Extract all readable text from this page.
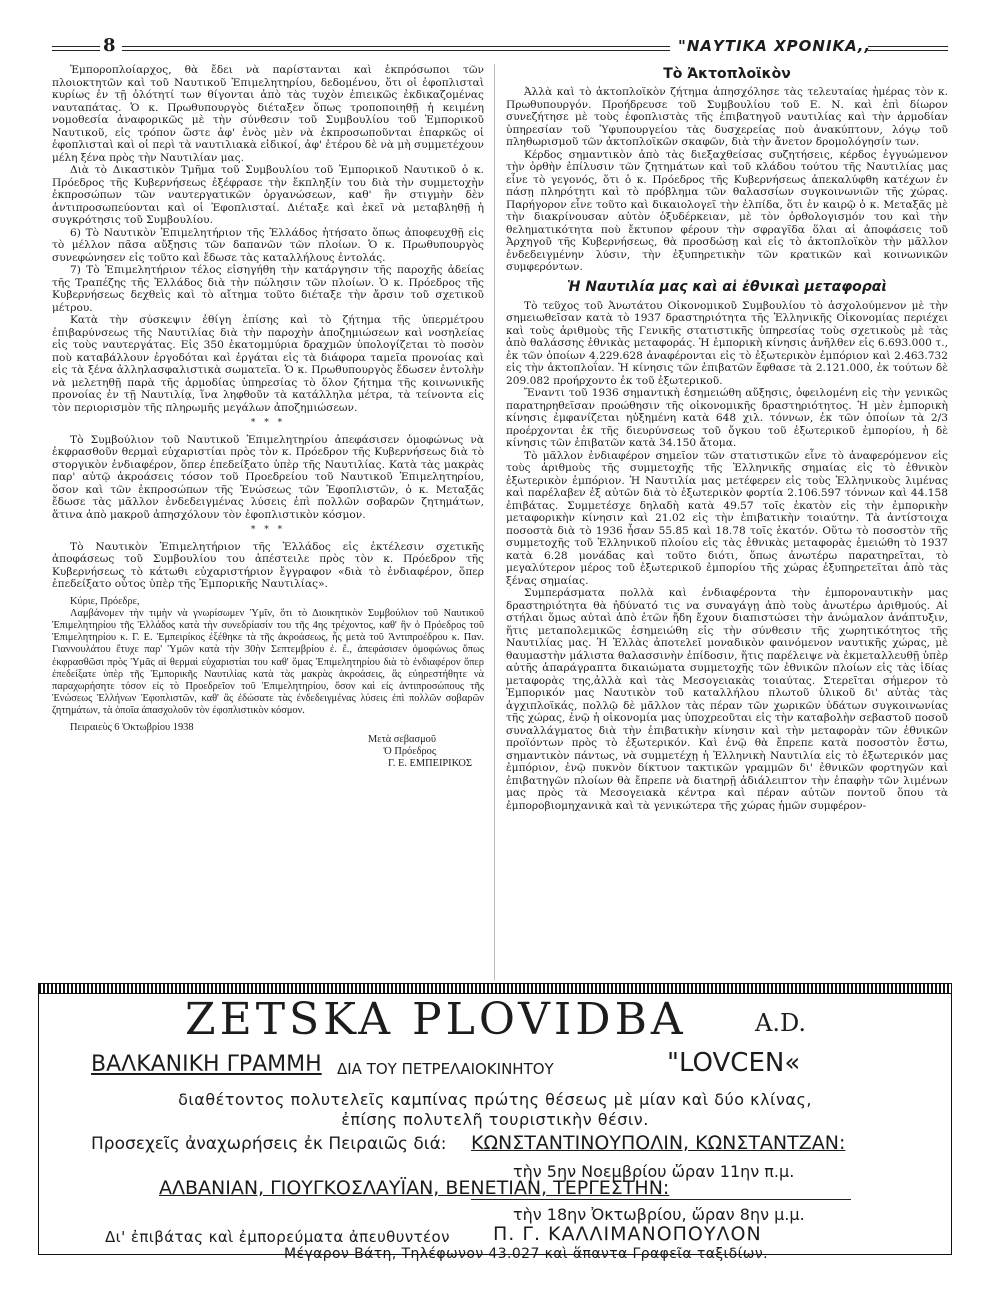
8	"ΝΑΥΤΙΚΑ ΧΡΟΝΙΚΑ,,

Ἐμποροπλοίαρχος, θὰ ἔδει νὰ παρίστανται καὶ ἐκπρόσωποι τῶν πλοιοκτητῶν καὶ τοῦ Ναυτικοῦ Ἐπιμελητηρίου, δεδομένου, ὅτι οἱ ἐφοπλισταὶ κυρίως ἐν τῇ ὁλότητί των θίγονται ἀπὸ τὰς τυχὸν ἐπιεικῶς ἐκδικαζομένας ναυταπάτας. Ὁ κ. Πρωθυπουργὸς διέταξεν ὅπως τροποποιηθῇ ἡ κειμένη νομοθεσία ἀναφορικῶς μὲ τὴν σύνθεσιν τοῦ Συμβουλίου τοῦ Ἐμπορικοῦ Ναυτικοῦ, εἰς τρόπον ὥστε ἀφ' ἑνὸς μὲν νὰ ἐκπροσωποῦνται ἐπαρκῶς οἱ ἐφοπλισταὶ καὶ οἱ περὶ τὰ ναυτιλιακὰ εἰδικοί, ἀφ' ἑτέρου δὲ νὰ μὴ συμμετέχουν μέλη ξένα πρὸς τὴν Ναυτιλίαν μας.

Διὰ τὸ Δικαστικὸν Τμῆμα τοῦ Συμβουλίου τοῦ Ἐμπορικοῦ Ναυτικοῦ ὁ κ. Πρόεδρος τῆς Κυβερνήσεως ἐξέφρασε τὴν ἔκπληξίν του διὰ τὴν συμμετοχὴν ἐκπροσώπων τῶν ναυτεργατικῶν ὀργανώσεων, καθ' ἣν στιγμὴν δὲν ἀντιπροσωπεύονται καὶ οἱ Ἐφοπλισταί. Διέταξε καὶ ἐκεῖ νὰ μεταβληθῇ ἡ συγκρότησις τοῦ Συμβουλίου.

6) Τὸ Ναυτικὸν Ἐπιμελητήριον τῆς Ἑλλάδος ἠτήσατο ὅπως ἀποφευχθῇ εἰς τὸ μέλλον πᾶσα αὔξησις τῶν δαπανῶν τῶν πλοίων. Ὁ κ. Πρωθυπουργὸς συνεφώνησεν εἰς τοῦτο καὶ ἔδωσε τὰς καταλλήλους ἐντολάς.

7) Τὸ Ἐπιμελητήριον τέλος εἰσηγήθη τὴν κατάργησιν τῆς παροχῆς ἀδείας τῆς Τραπέζης τῆς Ἑλλάδος διὰ τὴν πώλησιν τῶν πλοίων. Ὁ κ. Πρόεδρος τῆς Κυβερνήσεως δεχθεὶς καὶ τὸ αἴτημα τοῦτο διέταξε τὴν ἄρσιν τοῦ σχετικοῦ μέτρου.

Κατὰ τὴν σύσκεψιν ἐθίγη ἐπίσης καὶ τὸ ζήτημα τῆς ὑπερμέτρου ἐπιβαρύνσεως τῆς Ναυτιλίας διὰ τὴν παροχὴν ἀποζημιώσεων καὶ νοσηλείας εἰς τοὺς ναυτεργάτας. Εἰς 350 ἑκατομμύρια δραχμῶν ὑπολογίζεται τὸ ποσὸν ποὺ καταβάλλουν ἐργοδόται καὶ ἐργάται εἰς τὰ διάφορα ταμεῖα προνοίας καὶ εἰς τὰ ξένα ἀλληλασφαλιστικὰ σωματεῖα. Ὁ κ. Πρωθυπουργὸς ἔδωσεν ἐντολὴν νὰ μελετηθῇ παρὰ τῆς ἁρμοδίας ὑπηρεσίας τὸ ὅλον ζήτημα τῆς κοινωνικῆς προνοίας ἐν τῇ Ναυτιλίᾳ, ἵνα ληφθοῦν τὰ κατάλληλα μέτρα, τὰ τείνοντα εἰς τὸν περιορισμὸν τῆς πληρωμῆς μεγάλων ἀποζημιώσεων.

* * *

Τὸ Συμβούλιον τοῦ Ναυτικοῦ Ἐπιμελητηρίου ἀπεφάσισεν ὁμοφώνως νὰ ἐκφρασθοῦν θερμαὶ εὐχαριστίαι πρὸς τὸν κ. Πρόεδρον τῆς Κυβερνήσεως διὰ τὸ στοργικὸν ἐνδιαφέρον, ὅπερ ἐπεδείξατο ὑπὲρ τῆς Ναυτιλίας. Κατὰ τὰς μακρὰς παρ' αὐτῷ ἀκροάσεις τόσον τοῦ Προεδρείου τοῦ Ναυτικοῦ Ἐπιμελητηρίου, ὅσον καὶ τῶν ἐκπροσώπων τῆς Ἑνώσεως τῶν Ἐφοπλιστῶν, ὁ κ. Μεταξᾶς ἔδωσε τὰς μᾶλλον ἐνδεδειγμένας λύσεις ἐπὶ πολλῶν σοβαρῶν ζητημάτων, ἅτινα ἀπὸ μακροῦ ἀπησχόλουν τὸν ἐφοπλιστικὸν κόσμον.

* * *

Τὸ Ναυτικὸν Ἐπιμελητήριον τῆς Ἑλλάδος εἰς ἐκτέλεσιν σχετικῆς ἀποφάσεως τοῦ Συμβουλίου του ἀπέστειλε πρὸς τὸν κ. Πρόεδρον τῆς Κυβερνήσεως τὸ κάτωθι εὐχαριστήριον ἔγγραφον «διὰ τὸ ἐνδιαφέρον, ὅπερ ἐπεδείξατο οὗτος ὑπὲρ τῆς Ἐμπορικῆς Ναυτιλίας».

Κύριε, Πρόεδρε,

Λαμβάνομεν τὴν τιμὴν νὰ γνωρίσωμεν Ὑμῖν, ὅτι τὸ Διοικητικὸν Συμβούλιον τοῦ Ναυτικοῦ Ἐπιμελητηρίου τῆς Ἑλλάδος κατὰ τὴν συνεδρίασίν του τῆς 4ης τρέχοντος, καθ' ἣν ὁ Πρόεδρος τοῦ Ἐπιμελητηρίου κ. Γ. Ε. Ἐμπειρίκος ἐξέθηκε τὰ τῆς ἀκροάσεως, ἧς μετὰ τοῦ Ἀντιπροέδρου κ. Παν. Γιαννουλάτου ἔτυχε παρ' Ὑμῶν κατὰ τὴν 30ὴν Σεπτεμβρίου ἐ. ἔ., ἀπεφάσισεν ὁμοφώνως ὅπως ἐκφρασθῶσι πρὸς Ὑμᾶς αἱ θερμαὶ εὐχαριστίαι του καθ' ὅμας Ἐπιμελητηρίου διὰ τὸ ἐνδιαφέρον ὅπερ ἐπεδείξατε ὑπὲρ τῆς Ἐμπορικῆς Ναυτιλίας κατὰ τὰς μακρὰς ἀκροάσεις, ἃς εὐηρεστήθητε νὰ παραχωρήσητε τόσον εἰς τὸ Προεδρεῖον τοῦ Ἐπιμελητηρίου, ὅσον καὶ εἰς ἀντιπροσώπους τῆς Ἑνώσεως Ἑλλήνων Ἐφοπλιστῶν, καθ' ἃς ἐδώσατε τὰς ἐνδεδειγμένας λύσεις ἐπὶ πολλῶν σοβαρῶν ζητημάτων, τὰ ὁποῖα ἀπασχολοῦν τὸν ἐφοπλιστικὸν κόσμον.

Πειραιεὺς 6 Ὀκτωβρίου 1938

Μετὰ σεβασμοῦ

Ὁ Πρόεδρος

Γ. Ε. ΕΜΠΕΙΡΙΚΟΣ

Τὸ Ἀκτοπλοϊκὸν

Ἀλλὰ καὶ τὸ ἀκτοπλοϊκὸν ζήτημα ἀπησχόλησε τὰς τελευταίας ἡμέρας τὸν κ. Πρωθυπουργόν. Προήδρευσε τοῦ Συμβουλίου τοῦ Ε. Ν. καὶ ἐπὶ δίωρον συνεζήτησε μὲ τοὺς ἐφοπλιστὰς τῆς ἐπιβατηγοῦ ναυτιλίας καὶ τὴν ἁρμοδίαν ὑπηρεσίαν τοῦ Ὑφυπουργείου τὰς δυσχερείας ποὺ ἀνακύπτουν, λόγῳ τοῦ πληθωρισμοῦ τῶν ἀκτοπλοϊκῶν σκαφῶν, διὰ τὴν ἄνετον δρομολόγησίν των.

Κέρδος σημαντικὸν ἀπὸ τὰς διεξαχθείσας συζητήσεις, κέρδος ἐγγυώμενον τὴν ὀρθὴν ἐπίλυσιν τῶν ζητημάτων καὶ τοῦ κλάδου τούτου τῆς Ναυτιλίας μας εἶνε τὸ γεγονός, ὅτι ὁ κ. Πρόεδρος τῆς Κυβερνήσεως ἀπεκαλύφθη κατέχων ἐν πάσῃ πληρότητι καὶ τὸ πρόβλημα τῶν θαλασσίων συγκοινωνιῶν τῆς χώρας. Παρήγορον εἶνε τοῦτο καὶ δικαιολογεῖ τὴν ἐλπίδα, ὅτι ἐν καιρῷ ὁ κ. Μεταξᾶς μὲ τὴν διακρίνουσαν αὐτὸν ὀξυδέρκειαν, μὲ τὸν ὀρθολογισμόν του καὶ τὴν θεληματικότητα ποὺ ἔκτυπον φέρουν τὴν σφραγῖδα ὅλαι αἱ ἀποφάσεις τοῦ Ἀρχηγοῦ τῆς Κυβερνήσεως, θὰ προσδώσῃ καὶ εἰς τὸ ἀκτοπλοϊκὸν τὴν μᾶλλον ἐνδεδειγμένην λύσιν, τὴν ἐξυπηρετικὴν τῶν κρατικῶν καὶ κοινωνικῶν συμφερόντων.

Ἡ Ναυτιλία μας καὶ αἱ ἐθνικαὶ μεταφοραὶ

Τὸ τεῦχος τοῦ Ἀνωτάτου Οἰκονομικοῦ Συμβουλίου τὸ ἀσχολούμενον μὲ τὴν σημειωθεῖσαν κατὰ τὸ 1937 δραστηριότητα τῆς Ἑλληνικῆς Οἰκονομίας περιέχει καὶ τοὺς ἀριθμοὺς τῆς Γενικῆς στατιστικῆς ὑπηρεσίας τοὺς σχετικοὺς μὲ τὰς ἀπὸ θαλάσσης ἐθνικὰς μεταφοράς. Ἡ ἐμπορικὴ κίνησις ἀνῆλθεν εἰς 6.693.000 τ., ἐκ τῶν ὁποίων 4.229.628 ἀναφέρονται εἰς τὸ ἐξωτερικὸν ἐμπόριον καὶ 2.463.732 εἰς τὴν ἀκτοπλοΐαν. Ἡ κίνησις τῶν ἐπιβατῶν ἔφθασε τὰ 2.121.000, ἐκ τούτων δὲ 209.082 προήρχοντο ἐκ τοῦ ἐξωτερικοῦ.

Ἔναντι τοῦ 1936 σημαντικὴ ἐσημειώθη αὔξησις, ὀφειλομένη εἰς τὴν γενικῶς παρατηρηθεῖσαν προώθησιν τῆς οἰκονομικῆς δραστηριότητος. Ἡ μὲν ἐμπορικὴ κίνησις ἐμφανίζεται ηὐξημένη κατὰ 648 χιλ. τόννων, ἐκ τῶν ὁποίων τὰ 2/3 προέρχονται ἐκ τῆς διευρύνσεως τοῦ ὄγκου τοῦ ἐξωτερικοῦ ἐμπορίου, ἡ δὲ κίνησις τῶν ἐπιβατῶν κατὰ 34.150 ἄτομα.

Τὸ μᾶλλον ἐνδιαφέρον σημεῖον τῶν στατιστικῶν εἶνε τὸ ἀναφερόμενον εἰς τοὺς ἀριθμοὺς τῆς συμμετοχῆς τῆς Ἑλληνικῆς σημαίας εἰς τὸ ἐθνικὸν ἐξωτερικὸν ἐμπόριον. Ἡ Ναυτιλία μας μετέφερεν εἰς τοὺς Ἑλληνικοὺς λιμένας καὶ παρέλαβεν ἐξ αὐτῶν διὰ τὸ ἐξωτερικὸν φορτία 2.106.597 τόννων καὶ 44.158 ἐπιβάτας. Συμμετέσχε δηλαδὴ κατὰ 49.57 τοῖς ἑκατὸν εἰς τὴν ἐμπορικὴν μεταφορικὴν κίνησιν καὶ 21.02 εἰς τὴν ἐπιβατικὴν τοιαύτην. Τὰ ἀντίστοιχα ποσοστὰ διὰ τὸ 1936 ἦσαν 55.85 καὶ 18.78 τοῖς ἑκατόν. Οὕτω τὸ ποσοστὸν τῆς συμμετοχῆς τοῦ Ἑλληνικοῦ πλοίου εἰς τὰς ἐθνικὰς μεταφορὰς ἐμειώθη τὸ 1937 κατὰ 6.28 μονάδας καὶ τοῦτο διότι, ὅπως ἀνωτέρω παρατηρεῖται, τὸ μεγαλύτερον μέρος τοῦ ἐξωτερικοῦ ἐμπορίου τῆς χώρας ἐξυπηρετεῖται ἀπὸ τὰς ξένας σημαίας.

Συμπεράσματα πολλὰ καὶ ἐνδιαφέροντα τὴν ἐμποροναυτικὴν μας δραστηριότητα θὰ ἠδύνατό τις να συναγάγῃ ἀπὸ τοὺς ἀνωτέρω ἀριθμούς. Αἱ στήλαι ὅμως αὐταὶ ἀπὸ ἐτῶν ἤδη ἔχουν διαπιστώσει τὴν ἀνώμαλον ἀνάπτυξιν, ἥτις μεταπολεμικῶς ἐσημειώθη εἰς τὴν σύνθεσιν τῆς χωρητικότητος τῆς Ναυτιλίας μας. Ἡ Ἑλλὰς ἀποτελεῖ μοναδικὸν φαινόμενον ναυτικῆς χώρας, μὲ θαυμαστὴν μάλιστα θαλασσινὴν ἐπίδοσιν, ἥτις παρέλειψε νὰ ἐκμεταλλευθῇ ὑπὲρ αὐτῆς ἀπαράγραπτα δικαιώματα συμμετοχῆς τῶν ἐθνικῶν πλοίων εἰς τὰς ἰδίας μεταφορὰς της,ἀλλὰ καὶ τὰς Μεσογειακὰς τοιαύτας. Στερεῖται σήμερον τὸ Ἐμπορικόν μας Ναυτικὸν τοῦ καταλλήλου πλωτοῦ ὑλικοῦ δι' αὐτὰς τὰς ἀγχιπλοϊκάς, πολλῷ δὲ μᾶλλον τὰς πέραν τῶν χωρικῶν ὑδάτων συγκοινωνίας τῆς χώρας, ἐνῷ ἡ οἰκονομία μας ὑποχρεοῦται εἰς τὴν καταβολὴν σεβαστοῦ ποσοῦ συναλλάγματος διὰ τὴν ἐπιβατικὴν κίνησιν καὶ τὴν μεταφορὰν τῶν ἐθνικῶν προϊόντων πρὸς τὸ ἐξωτερικόν. Καὶ ἐνῷ θὰ ἔπρεπε κατὰ ποσοστὸν ἔστω, σημαντικὸν πάντως, νὰ συμμετέχῃ ἡ Ἑλληνικὴ Ναυτιλία εἰς τὸ ἐξωτερικόν μας ἐμπόριον, ἐνῷ πυκνὸν δίκτυον τακτικῶν γραμμῶν δι' ἐθνικῶν φορτηγῶν καὶ ἐπιβατηγῶν πλοίων θὰ ἔπρεπε νὰ διατηρῇ ἀδιάλειπτον τὴν ἐπαφὴν τῶν λιμένων μας πρὸς τὰ Μεσογειακὰ κέντρα καὶ πέραν αὐτῶν ποντοῦ ὅπου τὰ ἐμποροβιομηχανικὰ καὶ τὰ γενικώτερα τῆς χώρας ἡμῶν συμφέρον-

ZETSKA PLOVIDBA	A.D.
ΒΑΛΚΑΝΙΚΗ ΓΡΑΜΜΗ ΔΙΑ ΤΟΥ ΠΕΤΡΕΛΑΙΟΚΙΝΗΤΟΥ	"LOVCEN«
διαθέτοντος πολυτελεῖς καμπίνας πρώτης θέσεως μὲ μίαν καὶ δύο κλίνας,
ἐπίσης πολυτελῆ τουριστικὴν θέσιν.
Προσεχεῖς ἀναχωρήσεις ἐκ Πειραιῶς διά: ΚΩΝΣΤΑΝΤΙΝΟΥΠΟΛΙΝ, ΚΩΝΣΤΑΝΤΖΑΝ:
τὴν 5ην Νοεμβρίου ὥραν 11ην π.μ.
ΑΛΒΑΝΙΑΝ, ΓΙΟΥΓΚΟΣΛΑΥΪΑΝ, ΒΕΝΕΤΙΑΝ, ΤΕΡΓΕΣΤΗΝ:
τὴν 18ην Ὀκτωβρίου, ὥραν 8ην μ.μ.
Δι' ἐπιβάτας καὶ ἐμπορεύματα ἀπευθυντέον Π. Γ. ΚΑΛΛΙΜΑΝΟΠΟΥΛΟΝ
Μέγαρον Βάτη, Τηλέφωνον 43.027 καὶ ἅπαντα Γραφεῖα ταξιδίων.
